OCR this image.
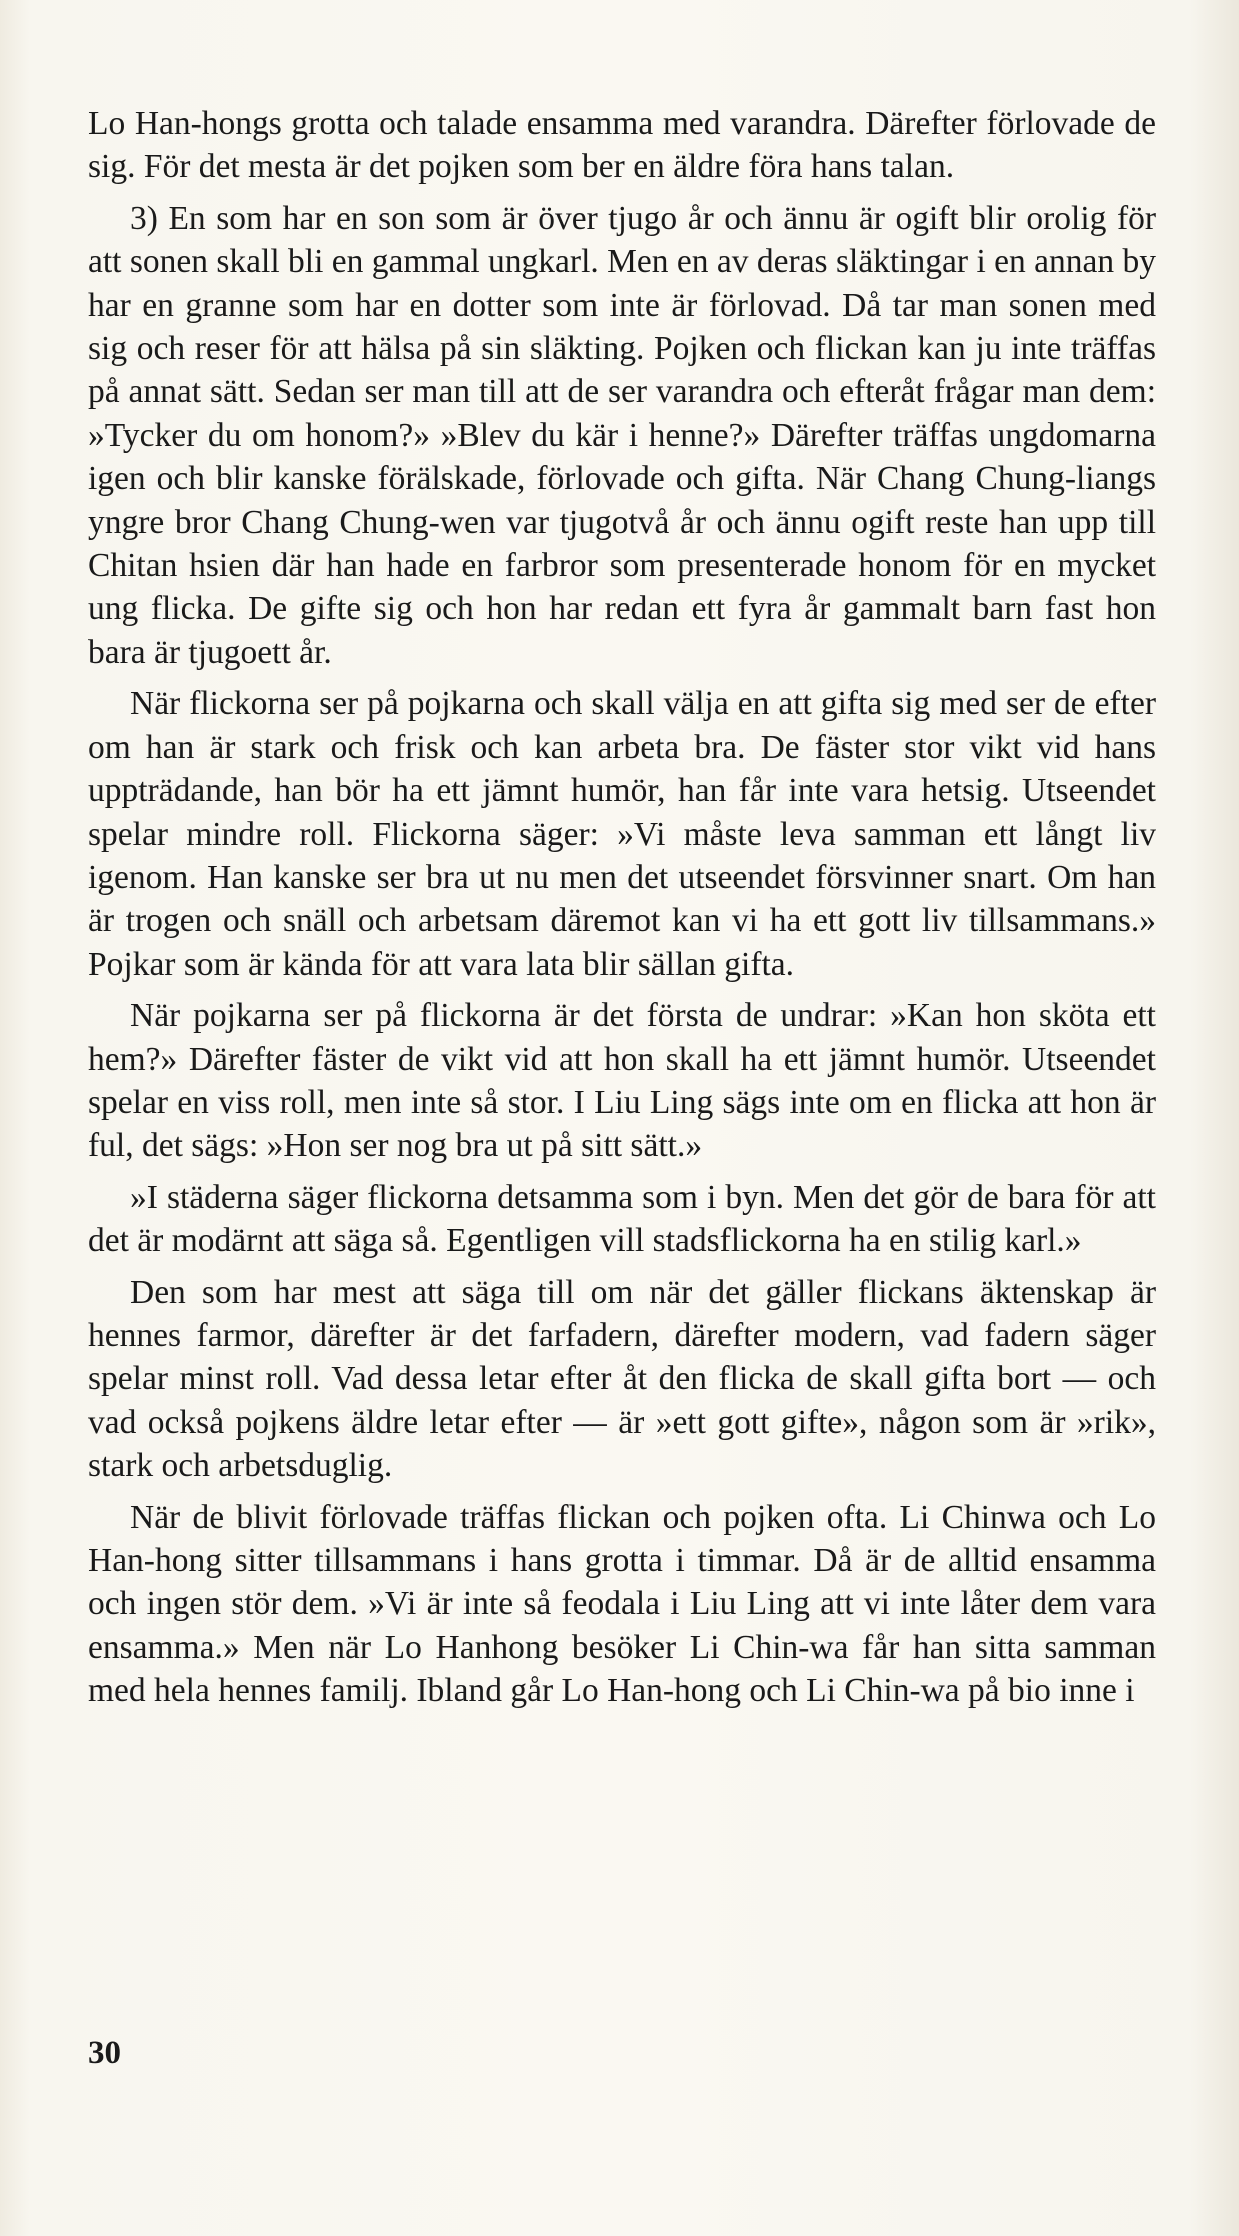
Lo Han-hongs grotta och talade ensamma med varandra. Därefter förlovade de sig. För det mesta är det pojken som ber en äldre föra hans talan.

3) En som har en son som är över tjugo år och ännu är ogift blir orolig för att sonen skall bli en gammal ungkarl. Men en av deras släktingar i en annan by har en granne som har en dotter som inte är förlovad. Då tar man sonen med sig och reser för att hälsa på sin släkting. Pojken och flickan kan ju inte träffas på annat sätt. Sedan ser man till att de ser varandra och efteråt frågar man dem: »Tycker du om honom?» »Blev du kär i henne?» Därefter träffas ungdomarna igen och blir kanske förälskade, förlovade och gifta. När Chang Chung-liangs yngre bror Chang Chung-wen var tjugotvå år och ännu ogift reste han upp till Chitan hsien där han hade en farbror som presenterade honom för en mycket ung flicka. De gifte sig och hon har redan ett fyra år gammalt barn fast hon bara är tjugoett år.

När flickorna ser på pojkarna och skall välja en att gifta sig med ser de efter om han är stark och frisk och kan arbeta bra. De fäster stor vikt vid hans uppträdande, han bör ha ett jämnt humör, han får inte vara hetsig. Utseendet spelar mindre roll. Flickorna säger: »Vi måste leva samman ett långt liv igenom. Han kanske ser bra ut nu men det utseendet försvinner snart. Om han är trogen och snäll och arbetsam däremot kan vi ha ett gott liv tillsammans.» Pojkar som är kända för att vara lata blir sällan gifta.

När pojkarna ser på flickorna är det första de undrar: »Kan hon sköta ett hem?» Därefter fäster de vikt vid att hon skall ha ett jämnt humör. Utseendet spelar en viss roll, men inte så stor. I Liu Ling sägs inte om en flicka att hon är ful, det sägs: »Hon ser nog bra ut på sitt sätt.»

»I städerna säger flickorna detsamma som i byn. Men det gör de bara för att det är modärnt att säga så. Egentligen vill stadsflickorna ha en stilig karl.»

Den som har mest att säga till om när det gäller flickans äktenskap är hennes farmor, därefter är det farfadern, därefter modern, vad fadern säger spelar minst roll. Vad dessa letar efter åt den flicka de skall gifta bort — och vad också pojkens äldre letar efter — är »ett gott gifte», någon som är »rik», stark och arbetsduglig.

När de blivit förlovade träffas flickan och pojken ofta. Li Chinwa och Lo Han-hong sitter tillsammans i hans grotta i timmar. Då är de alltid ensamma och ingen stör dem. »Vi är inte så feodala i Liu Ling att vi inte låter dem vara ensamma.» Men när Lo Hanhong besöker Li Chin-wa får han sitta samman med hela hennes familj. Ibland går Lo Han-hong och Li Chin-wa på bio inne i

30
